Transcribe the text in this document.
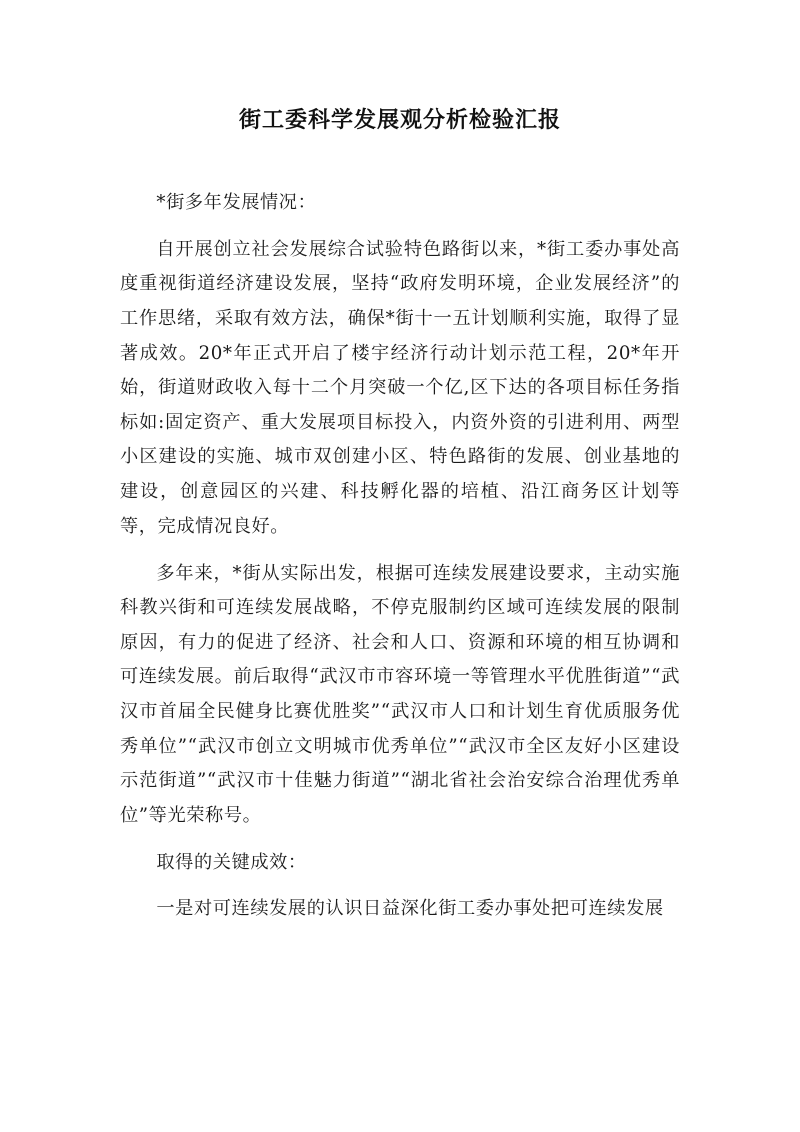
街工委科学发展观分析检验汇报

*街多年发展情况：

自开展创立社会发展综合试验特色路街以来，*街工委办事处高度重视街道经济建设发展，坚持“政府发明环境，企业发展经济”的工作思绪，采取有效方法，确保*街十一五计划顺利实施，取得了显著成效。20*年正式开启了楼宇经济行动计划示范工程，20*年开始，街道财政收入每十二个月突破一个亿,区下达的各项目标任务指标如:固定资产、重大发展项目标投入，内资外资的引进利用、两型小区建设的实施、城市双创建小区、特色路街的发展、创业基地的建设，创意园区的兴建、科技孵化器的培植、沿江商务区计划等等，完成情况良好。

多年来，*街从实际出发，根据可连续发展建设要求，主动实施科教兴街和可连续发展战略，不停克服制约区域可连续发展的限制原因，有力的促进了经济、社会和人口、资源和环境的相互协调和可连续发展。前后取得“武汉市市容环境一等管理水平优胜街道”“武汉市首届全民健身比赛优胜奖”“武汉市人口和计划生育优质服务优秀单位”“武汉市创立文明城市优秀单位”“武汉市全区友好小区建设示范街道”“武汉市十佳魅力街道”“湖北省社会治安综合治理优秀单位”等光荣称号。

取得的关键成效：

一是对可连续发展的认识日益深化街工委办事处把可连续发展
